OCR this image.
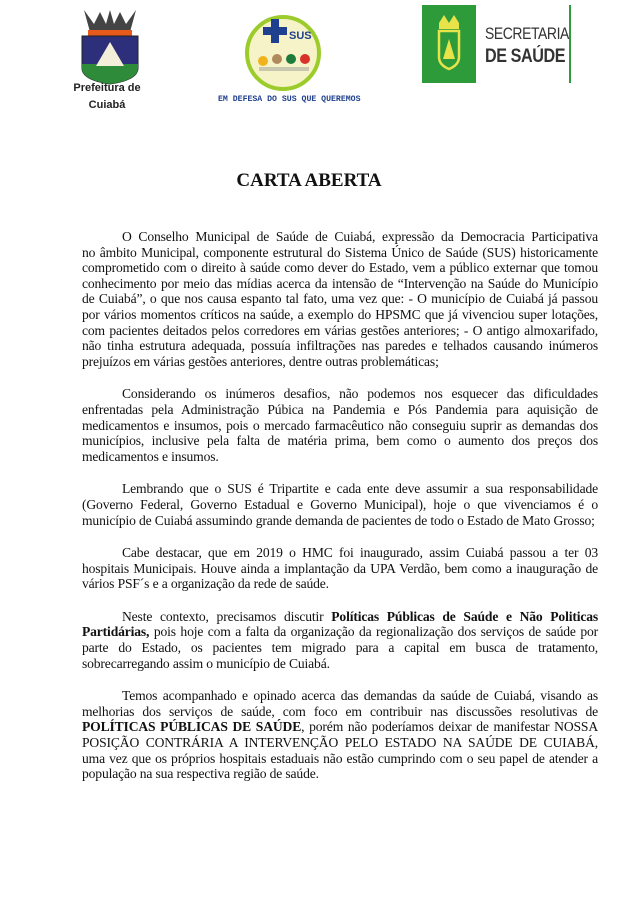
Prefeitura de
Cuiabá
SUS
EM DEFESA DO SUS QUE QUEREMOS
SECRETARIA
DE SAÚDE
CARTA ABERTA
O Conselho Municipal de Saúde de Cuiabá, expressão da Democracia Participativa
no âmbito Municipal, componente estrutural do Sistema Único de Saúde (SUS) historicamente
comprometido com o direito à saúde como dever do Estado, vem a público externar que tomou
conhecimento por meio das mídias acerca da intensão de “Intervenção na Saúde do Município
de Cuiabá”, o que nos causa espanto tal fato, uma vez que: - O município de Cuiabá já passou
por vários momentos críticos na saúde, a exemplo do HPSMC que já vivenciou super lotações,
com pacientes deitados pelos corredores em várias gestões anteriores; - O antigo almoxarifado,
não tinha estrutura adequada, possuía infiltrações nas paredes e telhados causando inúmeros
prejuízos em várias gestões anteriores, dentre outras problemáticas;
Considerando os inúmeros desafios, não podemos nos esquecer das dificuldades
enfrentadas pela Administração Púbica na Pandemia e Pós Pandemia para aquisição de
medicamentos e insumos, pois o mercado farmacêutico não conseguiu suprir as demandas dos
municípios, inclusive pela falta de matéria prima, bem como o aumento dos preços dos
medicamentos e insumos.
Lembrando que o SUS é Tripartite e cada ente deve assumir a sua responsabilidade
(Governo Federal, Governo Estadual e Governo Municipal), hoje o que vivenciamos é o
município de Cuiabá assumindo grande demanda de pacientes de todo o Estado de Mato Grosso;
Cabe destacar, que em 2019 o HMC foi inaugurado, assim Cuiabá passou a ter 03
hospitais Municipais. Houve ainda a implantação da UPA Verdão, bem como a inauguração de
vários PSF´s e a organização da rede de saúde.
Neste contexto, precisamos discutir Políticas Públicas de Saúde e Não Politicas
Partidárias, pois hoje com a falta da organização da regionalização dos serviços de saúde por
parte do Estado, os pacientes tem migrado para a capital em busca de tratamento,
sobrecarregando assim o município de Cuiabá.
Temos acompanhado e opinado acerca das demandas da saúde de Cuiabá, visando as
melhorias dos serviços de saúde, com foco em contribuir nas discussões resolutivas de
POLÍTICAS PÚBLICAS DE SAÚDE, porém não poderíamos deixar de manifestar NOSSA
POSIÇÃO CONTRÁRIA A INTERVENÇÃO PELO ESTADO NA SAÚDE DE CUIABÁ,
uma vez que os próprios hospitais estaduais não estão cumprindo com o seu papel de atender a
população na sua respectiva região de saúde.
